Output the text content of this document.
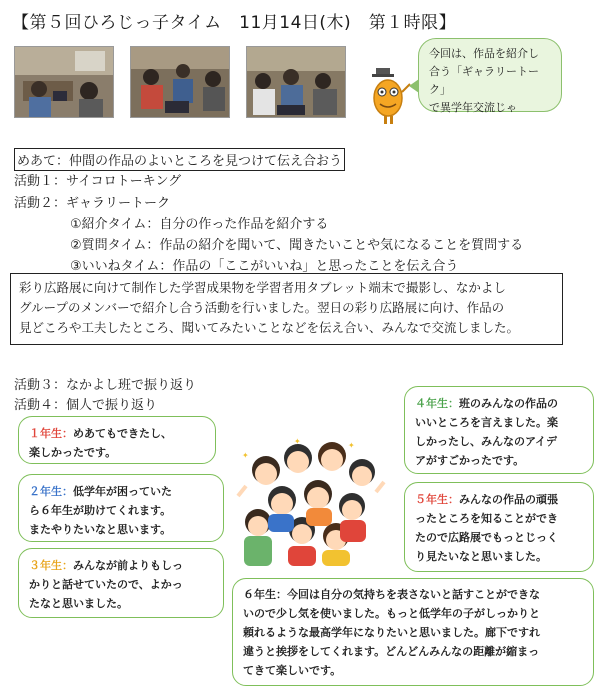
【第５回ひろじっ子タイム　11月14日(木)　第１時限】
今回は、作品を紹介し
合う「ギャラリートーク」
で異学年交流じゃ
めあて：仲間の作品のよいところを見つけて伝え合おう
活動１：サイコロトーキング
活動２：ギャラリートーク
①紹介タイム：自分の作った作品を紹介する
②質問タイム：作品の紹介を聞いて、聞きたいことや気になることを質問する
③いいねタイム：作品の「ここがいいね」と思ったことを伝え合う
彩り広路展に向けて制作した学習成果物を学習者用タブレット端末で撮影し、なかよし
グループのメンバーで紹介し合う活動を行いました。翌日の彩り広路展に向け、作品の
見どころや工夫したところ、聞いてみたいことなどを伝え合い、みんなで交流しました。
活動３：なかよし班で振り返り
活動４：個人で振り返り
１年生：めあてもできたし、
楽しかったです。
２年生：低学年が困っていた
ら６年生が助けてくれます。
またやりたいなと思います。
３年生：みんなが前よりもしっ
かりと話せていたので、よかっ
たなと思いました。
４年生：班のみんなの作品の
いいところを言えました。楽
しかったし、みんなのアイデ
アがすごかったです。
５年生：みんなの作品の頑張
ったところを知ることができ
たので広路展でもっとじっく
り見たいなと思いました。
６年生：今回は自分の気持ちを表さないと話すことができな
いので少し気を使いました。もっと低学年の子がしっかりと
頼れるような最高学年になりたいと思いました。廊下ですれ
違うと挨拶をしてくれます。どんどんみんなの距離が縮まっ
てきて楽しいです。
✦	✦
✦
